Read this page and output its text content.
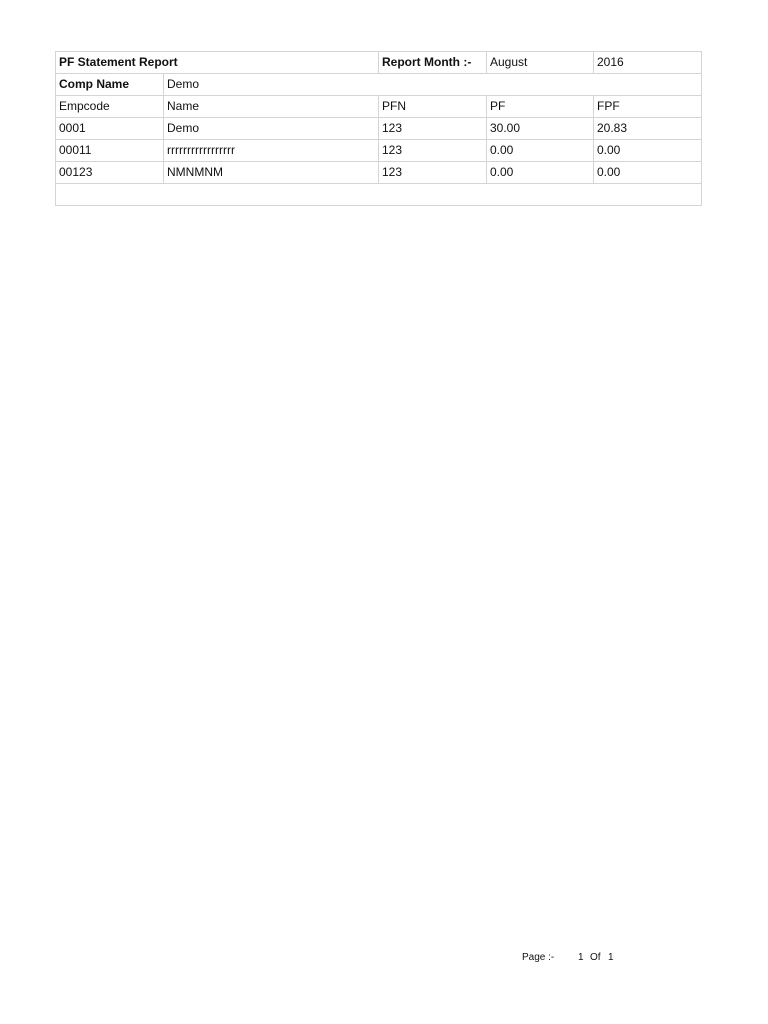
PF Statement Report		Report Month :-	August	2016
Comp Name	Demo			
Empcode	Name	PFN	PF	FPF
0001	Demo	123	30.00	20.83
00011	rrrrrrrrrrrrrrrrr	123	0.00	0.00
00123	NMNMNM	123	0.00	0.00

Page :-	1 Of 1
